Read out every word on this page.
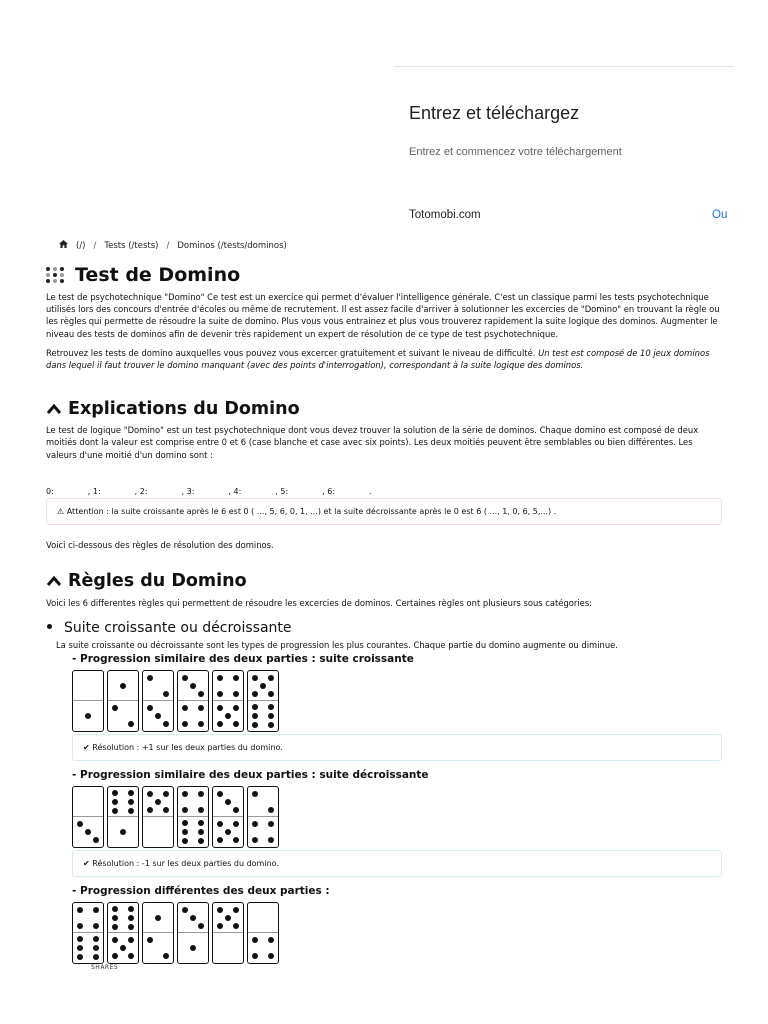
Entrez et téléchargez
Entrez et commencez votre téléchargement
Totomobi.com	Ou
(/) / Tests (/tests) / Dominos (/tests/dominos)
Test de Domino

Le test de psychotechnique "Domino" Ce test est un exercice qui permet d'évaluer l'intelligence générale. C'est un classique parmi les tests psychotechnique utilisés lors des concours d'entrée d'écoles ou même de recrutement. Il est assez facile d'arriver à solutionner les excercies de "Domino" en trouvant la règle ou les règles qui permette de résoudre la suite de domino. Plus vous vous entrainez et plus vous trouverez rapidement la suite logique des dominos. Augmenter le niveau des tests de dominos afin de devenir très rapidement un expert de résolution de ce type de test psychotechnique.

Retrouvez les tests de domino auxquelles vous pouvez vous excercer gratuitement et suivant le niveau de difficulté. Un test est composé de 10 jeux dominos dans lequel il faut trouver le domino manquant (avec des points d'interrogation), correspondant à la suite logique des dominos.

Explications du Domino

Le test de logique "Domino" est un test psychotechnique dont vous devez trouver la solution de la série de dominos. Chaque domino est composé de deux moitiés dont la valeur est comprise entre 0 et 6 (case blanche et case avec six points). Les deux moitiés peuvent être semblables ou bien différentes. Les valeurs d'une moitié d'un domino sont :

0:	, 1:	, 2:	, 3:	, 4:	, 5:	, 6:	.
⚠ Attention : la suite croissante après le 6 est 0 ( ..., 5, 6, 0, 1, ...) et la suite décroissante après le 0 est 6 ( ..., 1, 0, 6, 5,...) .

Voici ci-dessous des règles de résolution des dominos.

Règles du Domino

Voici les 6 differentes règles qui permettent de résoudre les excercies de dominos. Certaines règles ont plusieurs sous catégories:

• Suite croissante ou décroissante

La suite croissante ou décroissante sont les types de progression les plus courantes. Chaque partie du domino augmente ou diminue.

- Progression similaire des deux parties : suite croissante
✔ Résolution : +1 sur les deux parties du domino.
- Progression similaire des deux parties : suite décroissante
✔ Résolution : -1 sur les deux parties du domino.
- Progression différentes des deux parties :
SHARES
